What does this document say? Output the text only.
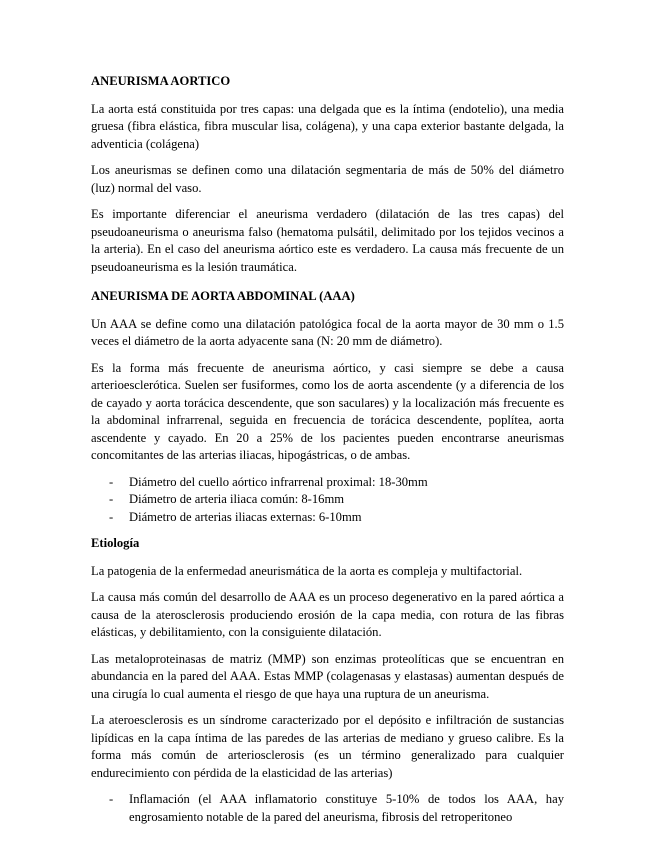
ANEURISMA AORTICO

La aorta está constituida por tres capas: una delgada que es la íntima (endotelio), una media gruesa (fibra elástica, fibra muscular lisa, colágena), y una capa exterior bastante delgada, la adventicia (colágena)

Los aneurismas se definen como una dilatación segmentaria de más de 50% del diámetro (luz) normal del vaso.

Es importante diferenciar el aneurisma verdadero (dilatación de las tres capas) del pseudoaneurisma o aneurisma falso (hematoma pulsátil, delimitado por los tejidos vecinos a la arteria). En el caso del aneurisma aórtico este es verdadero. La causa más frecuente de un pseudoaneurisma es la lesión traumática.

ANEURISMA DE AORTA ABDOMINAL (AAA)

Un AAA se define como una dilatación patológica focal de la aorta mayor de 30 mm o 1.5 veces el diámetro de la aorta adyacente sana (N: 20 mm de diámetro).

Es la forma más frecuente de aneurisma aórtico, y casi siempre se debe a causa arterioesclerótica. Suelen ser fusiformes, como los de aorta ascendente (y a diferencia de los de cayado y aorta torácica descendente, que son saculares) y la localización más frecuente es la abdominal infrarrenal, seguida en frecuencia de torácica descendente, poplítea, aorta ascendente y cayado. En 20 a 25% de los pacientes pueden encontrarse aneurismas concomitantes de las arterias iliacas, hipogástricas, o de ambas.

- Diámetro del cuello aórtico infrarrenal proximal: 18-30mm
- Diámetro de arteria iliaca común: 8-16mm
- Diámetro de arterias iliacas externas: 6-10mm
Etiología

La patogenia de la enfermedad aneurismática de la aorta es compleja y multifactorial.

La causa más común del desarrollo de AAA es un proceso degenerativo en la pared aórtica a causa de la aterosclerosis produciendo erosión de la capa media, con rotura de las fibras elásticas, y debilitamiento, con la consiguiente dilatación.

Las metaloproteinasas de matriz (MMP) son enzimas proteolíticas que se encuentran en abundancia en la pared del AAA. Estas MMP (colagenasas y elastasas) aumentan después de una cirugía lo cual aumenta el riesgo de que haya una ruptura de un aneurisma.

La ateroesclerosis es un síndrome caracterizado por el depósito e infiltración de sustancias lipídicas en la capa íntima de las paredes de las arterias de mediano y grueso calibre. Es la forma más común de arteriosclerosis (es un término generalizado para cualquier endurecimiento con pérdida de la elasticidad de las arterias)

- Inflamación (el AAA inflamatorio constituye 5-10% de todos los AAA, hay engrosamiento notable de la pared del aneurisma, fibrosis del retroperitoneo
